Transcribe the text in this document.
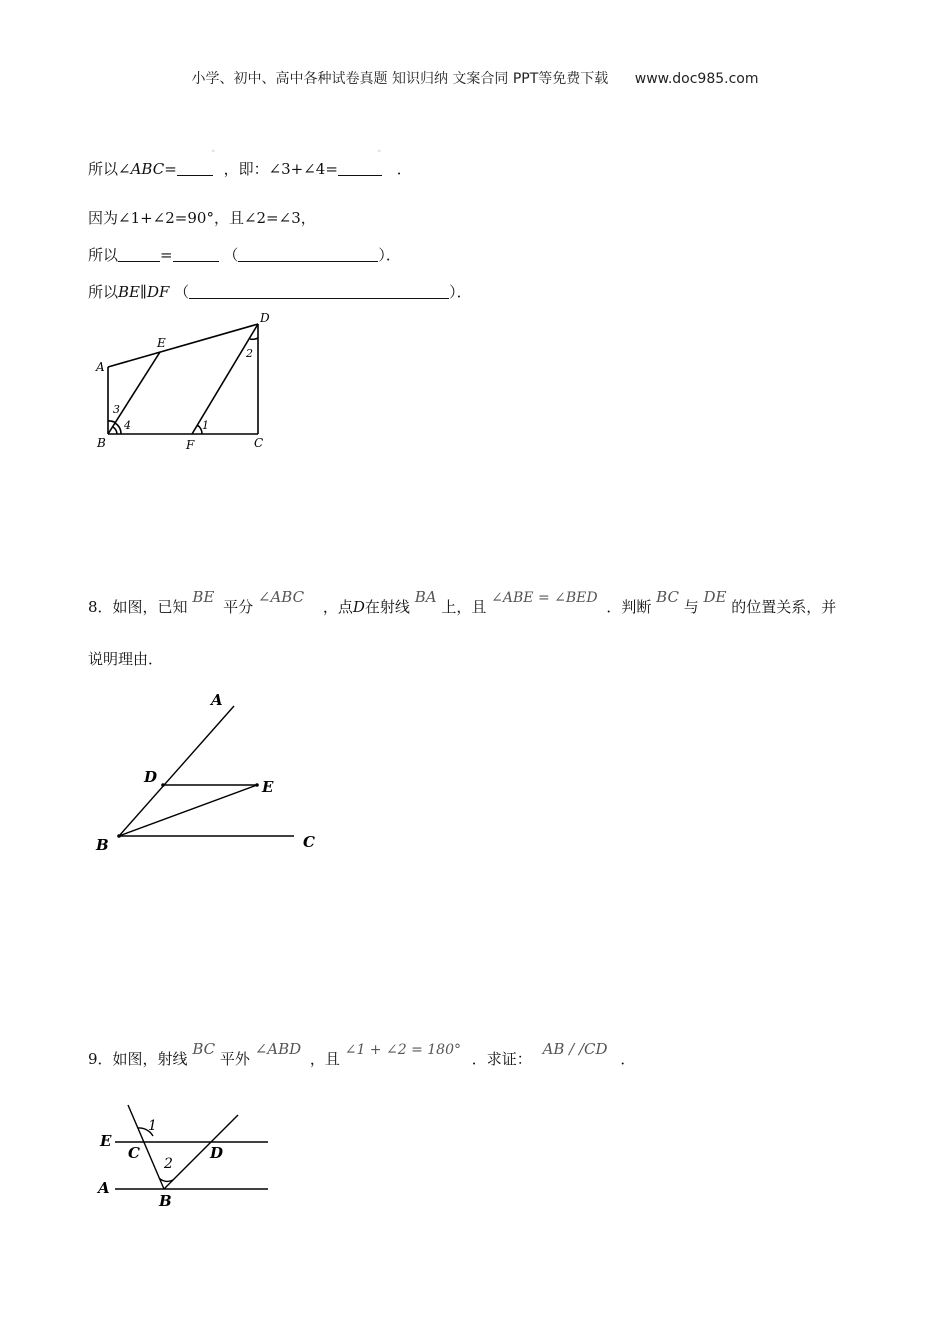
小学、初中、高中各种试卷真题 知识归纳 文案合同 PPT等免费下载 www.doc985.com
所以∠ABC=
。
，即：∠3+∠4=
。
．
因为∠1+∠2=90°，且∠2=∠3，
所以	=	（	）．
所以BE∥DF （	）．
A
E
D
2
3
4	1
B	F	C
8．如图，已知 BE 平分 ∠ABC ，点D在射线 BA 上，且 ∠ABE = ∠BED ．判断 BC 与 DE 的位置关系，并
说明理由．
A
D
E
B	C
9．如图，射线 BC 平外 ∠ABD ，且 ∠1 + ∠2 = 180° ．求证： AB / /CD ．
1
E
C	D
2
A
B
